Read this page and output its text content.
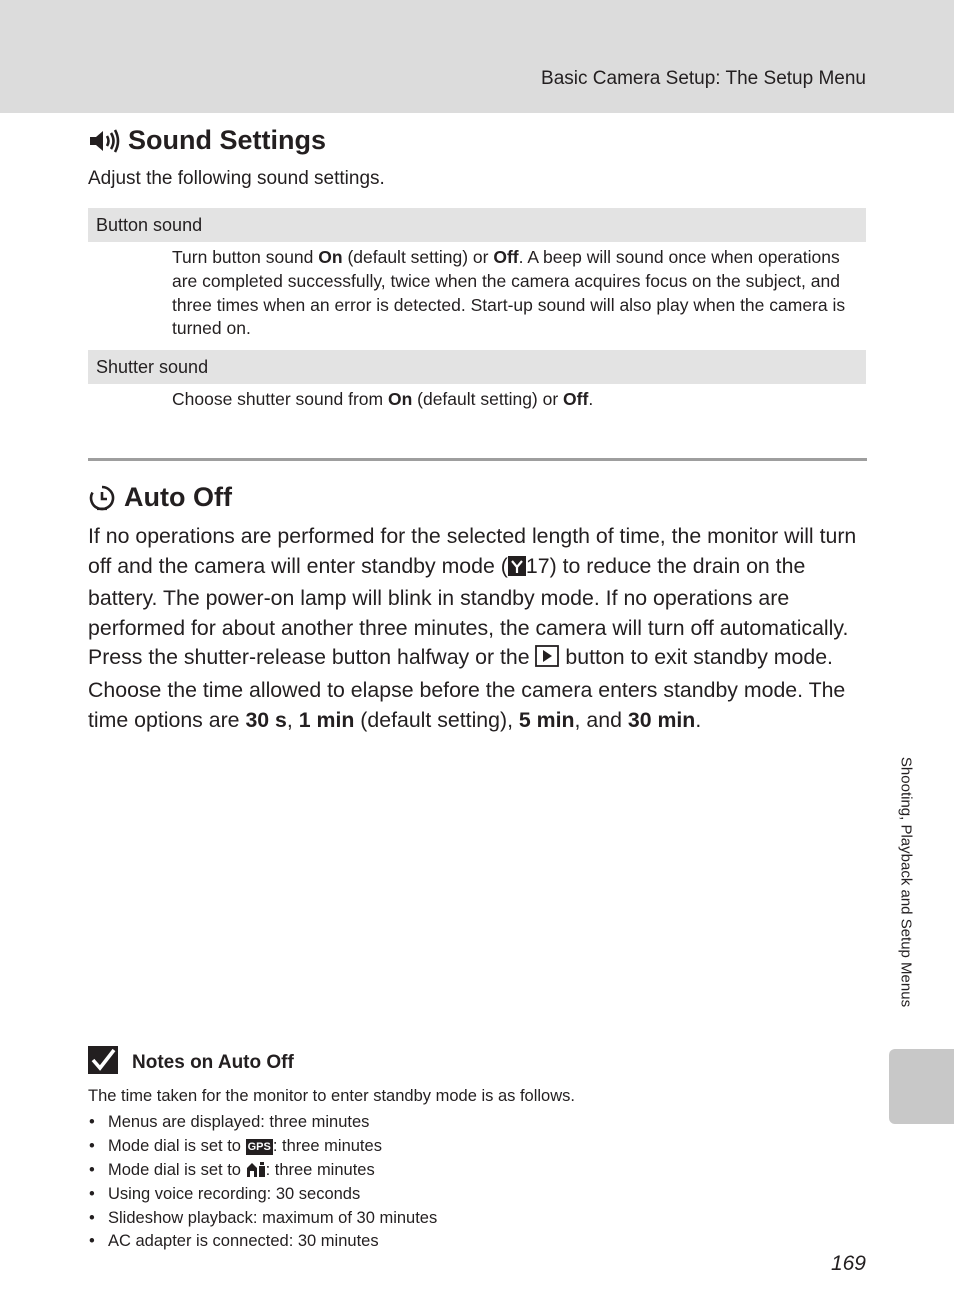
Basic Camera Setup: The Setup Menu
Sound Settings
Adjust the following sound settings.
Button sound
Turn button sound On (default setting) or Off. A beep will sound once when operations are completed successfully, twice when the camera acquires focus on the subject, and three times when an error is detected. Start-up sound will also play when the camera is turned on.
Shutter sound
Choose shutter sound from On (default setting) or Off.
Auto Off
If no operations are performed for the selected length of time, the monitor will turn off and the camera will enter standby mode ( 17) to reduce the drain on the battery. The power-on lamp will blink in standby mode. If no operations are performed for about another three minutes, the camera will turn off automatically. Press the shutter-release button halfway or the  button to exit standby mode. Choose the time allowed to elapse before the camera enters standby mode. The time options are 30 s, 1 min (default setting), 5 min, and 30 min.
Shooting, Playback and Setup Menus
Notes on Auto Off
The time taken for the monitor to enter standby mode is as follows.
• Menus are displayed: three minutes
• Mode dial is set to GPS : three minutes
• Mode dial is set to : three minutes
• Using voice recording: 30 seconds
• Slideshow playback: maximum of 30 minutes
• AC adapter is connected: 30 minutes
169
